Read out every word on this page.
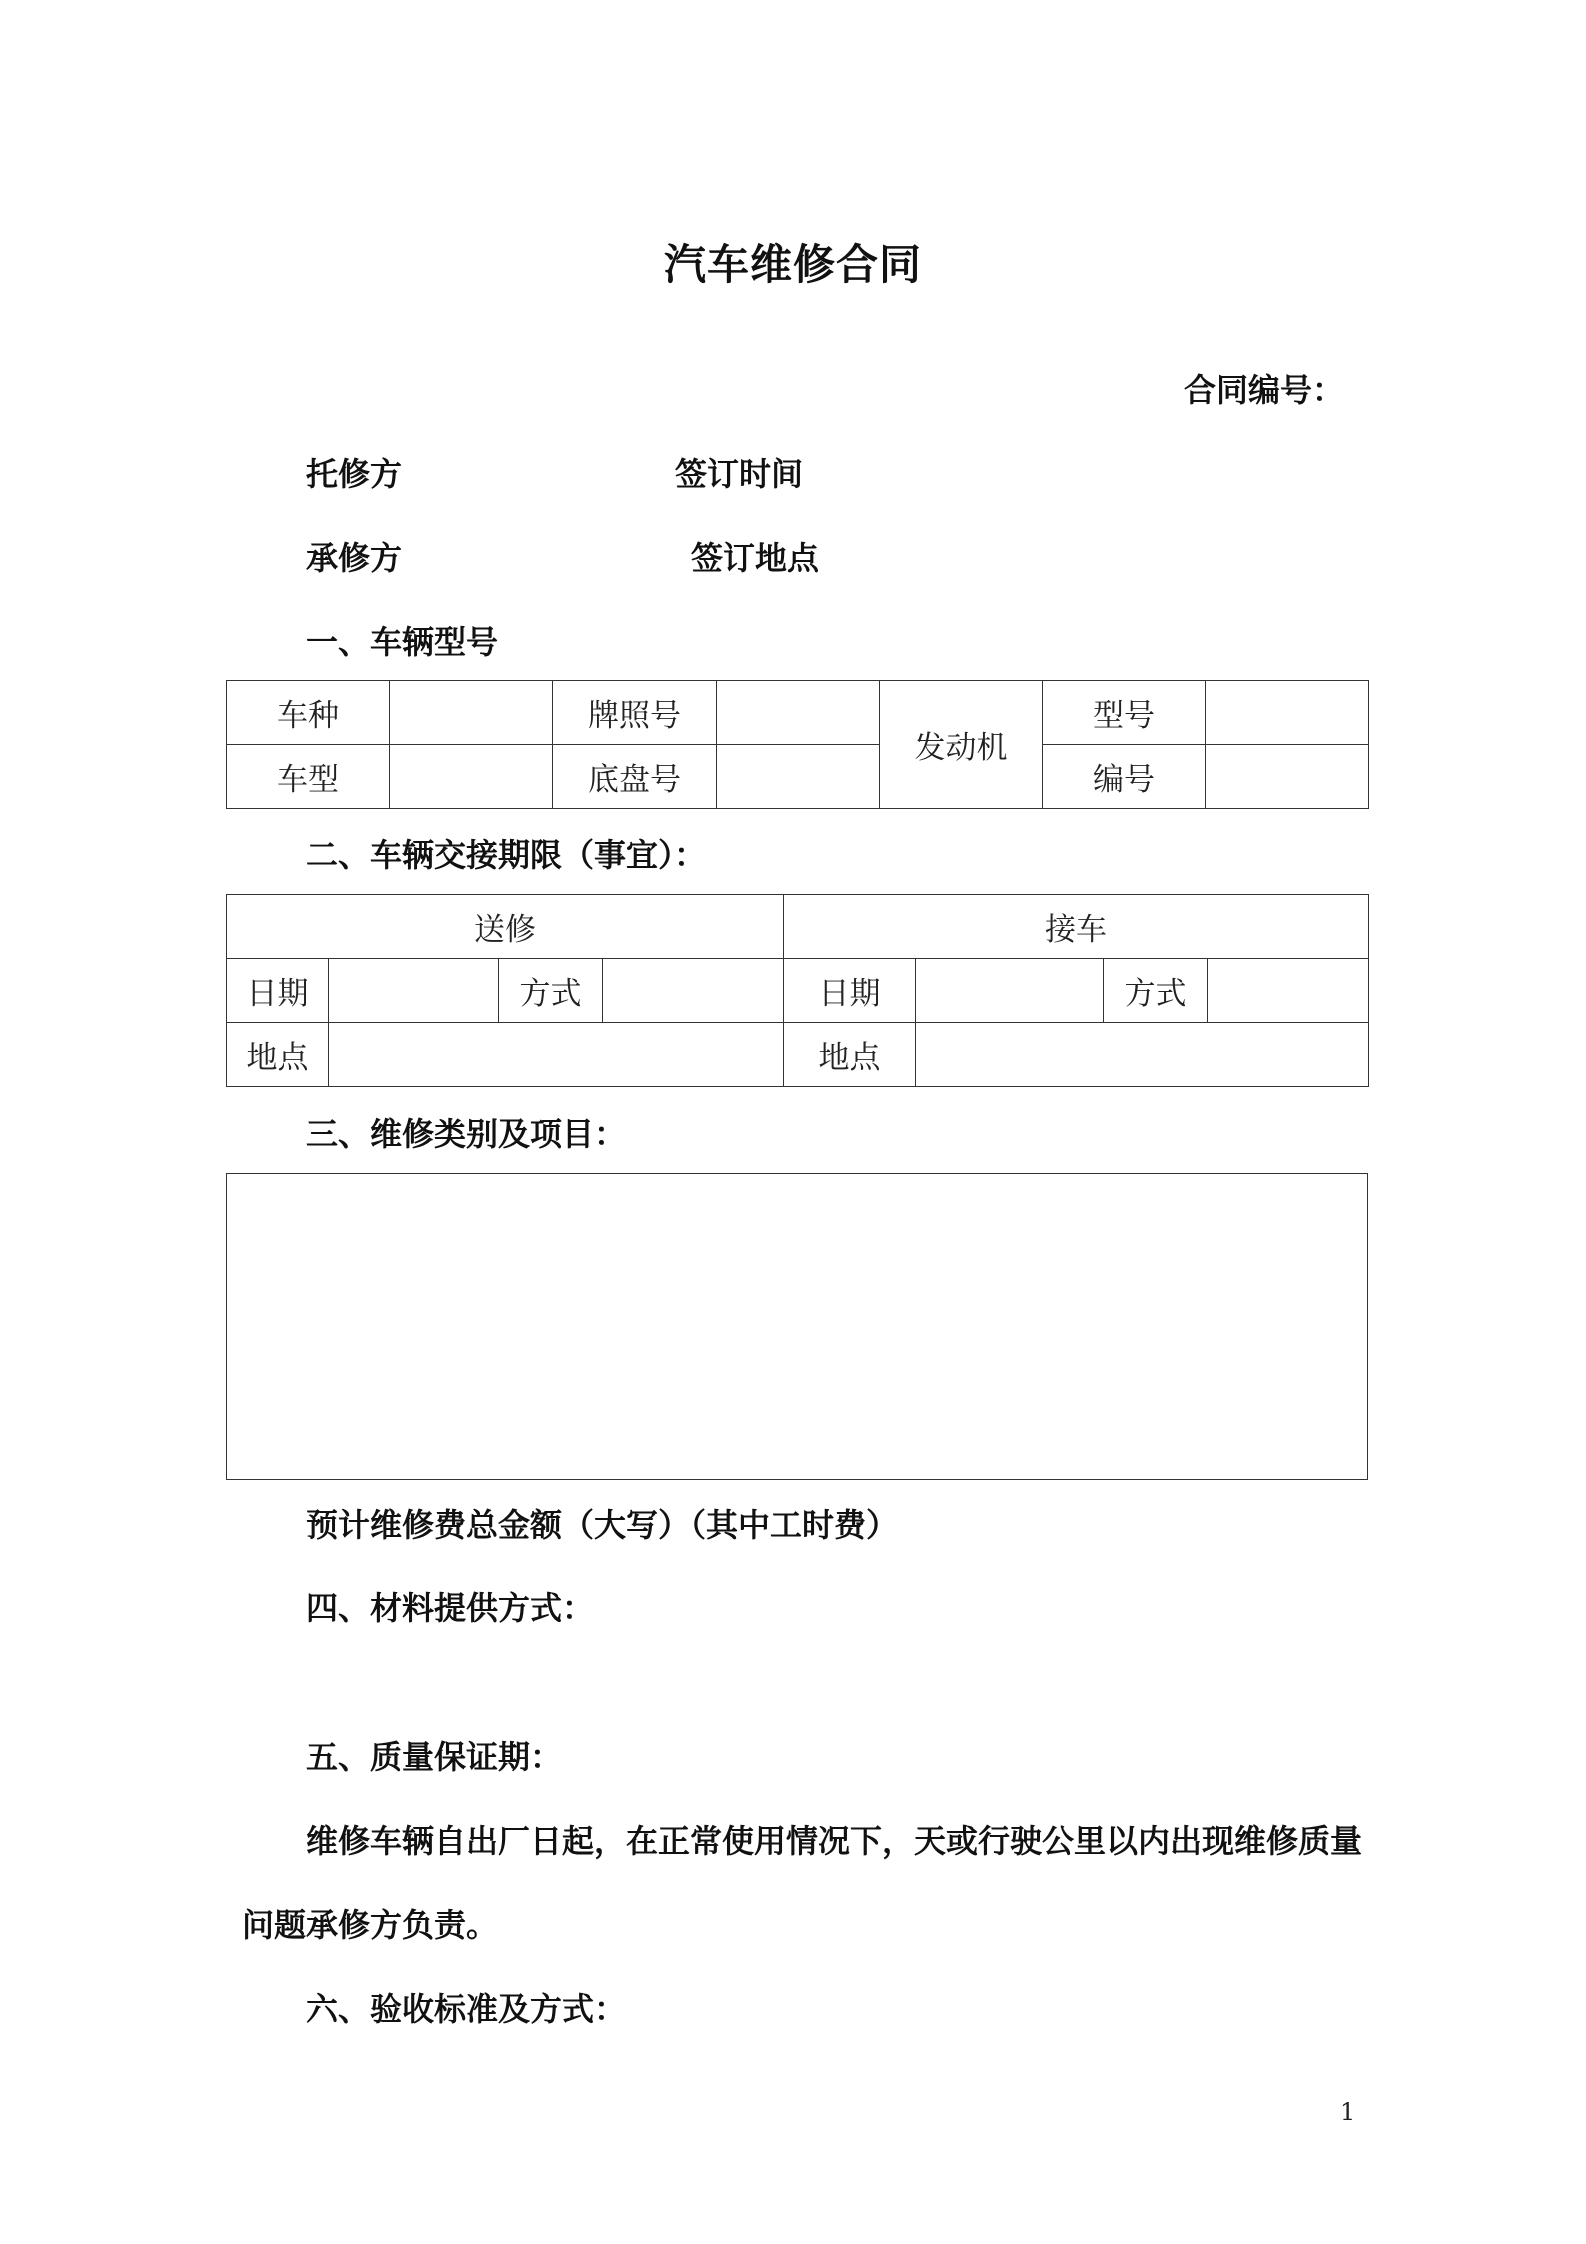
汽车维修合同
合同编号：
托修方	签订时间
承修方	签订地点
一、车辆型号
车种		牌照号		发动机	型号	
车型		底盘号			编号	
二、车辆交接期限（事宜）：
送修				接车			
日期		方式		日期		方式	
地点				地点			
三、维修类别及项目：
预计维修费总金额（大写）（其中工时费）
四、材料提供方式：
五、质量保证期：
维修车辆自出厂日起，在正常使用情况下，天或行驶公里以内出现维修质量
问题承修方负责。
六、验收标准及方式：
1
